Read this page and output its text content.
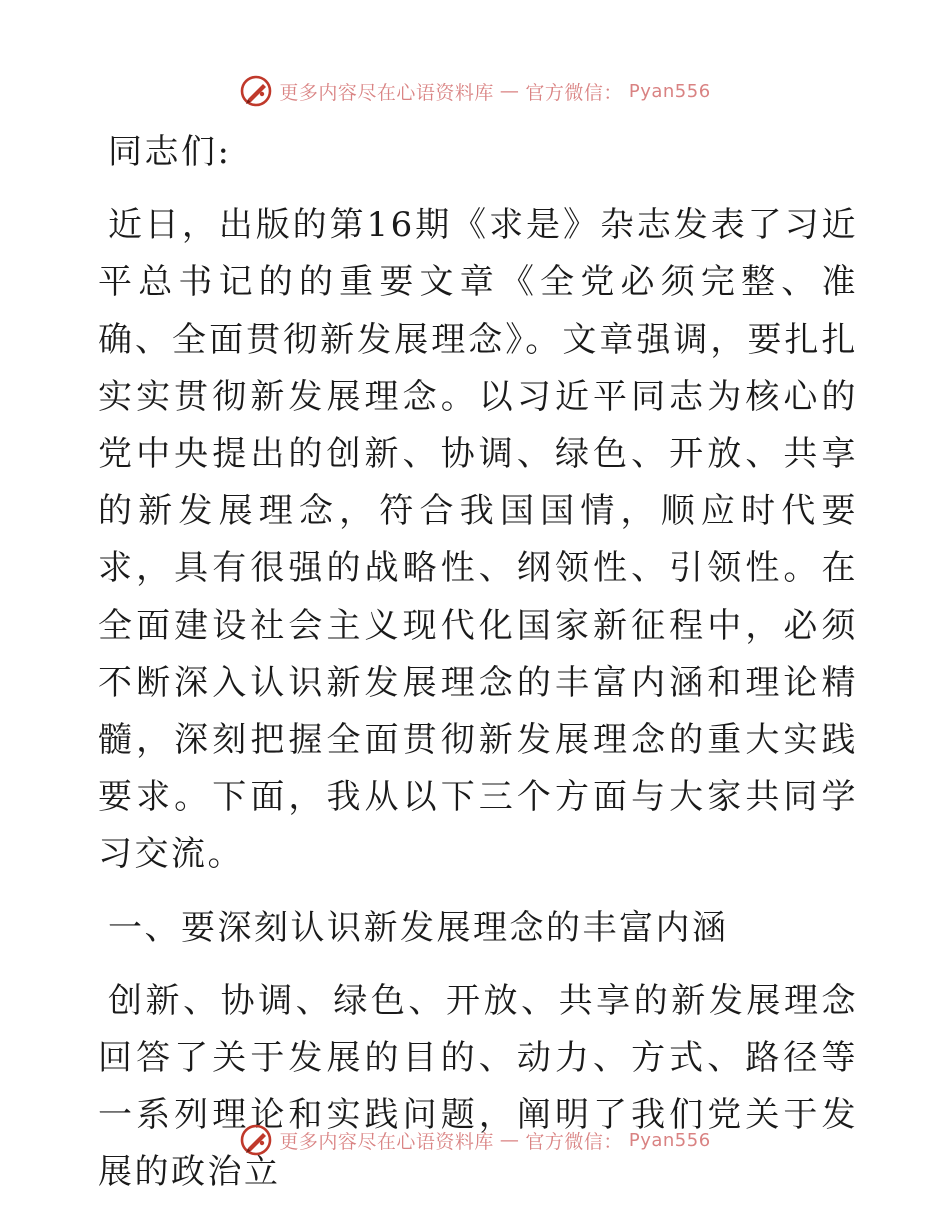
更多内容尽在心语资料库 — 官方微信： Pyan556

同志们:

近日，出版的第16期《求是》杂志发表了习近平总书记的的重要文章《全党必须完整、准确、全面贯彻新发展理念》。文章强调，要扎扎实实贯彻新发展理念。以习近平同志为核心的党中央提出的创新、协调、绿色、开放、共享的新发展理念，符合我国国情，顺应时代要求，具有很强的战略性、纲领性、引领性。在全面建设社会主义现代化国家新征程中，必须不断深入认识新发展理念的丰富内涵和理论精髓，深刻把握全面贯彻新发展理念的重大实践要求。下面，我从以下三个方面与大家共同学习交流。

一、要深刻认识新发展理念的丰富内涵

创新、协调、绿色、开放、共享的新发展理念回答了关于发展的目的、动力、方式、路径等一系列理论和实践问题，阐明了我们党关于发展的政治立

更多内容尽在心语资料库 — 官方微信： Pyan556
